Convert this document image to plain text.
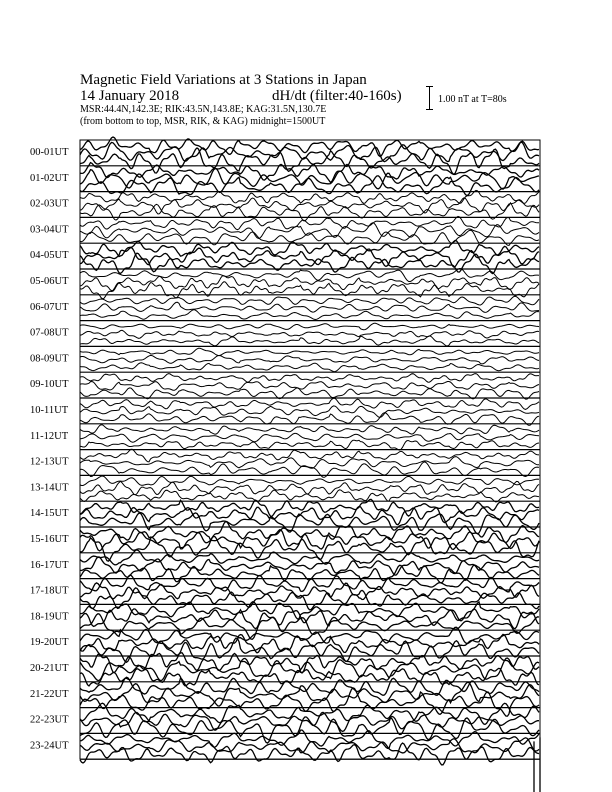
Magnetic Field Variations at 3 Stations in Japan
14 January 2018	dH/dt (filter:40-160s)
MSR:44.4N,142.3E; RIK:43.5N,143.8E; KAG:31.5N,130.7E
(from bottom to top, MSR, RIK, & KAG) midnight=1500UT
1.00 nT at T=80s
00-01UT
01-02UT
02-03UT
03-04UT
04-05UT
05-06UT
06-07UT
07-08UT
08-09UT
09-10UT
10-11UT
11-12UT
12-13UT
13-14UT
14-15UT
15-16UT
16-17UT
17-18UT
18-19UT
19-20UT
20-21UT
21-22UT
22-23UT
23-24UT
